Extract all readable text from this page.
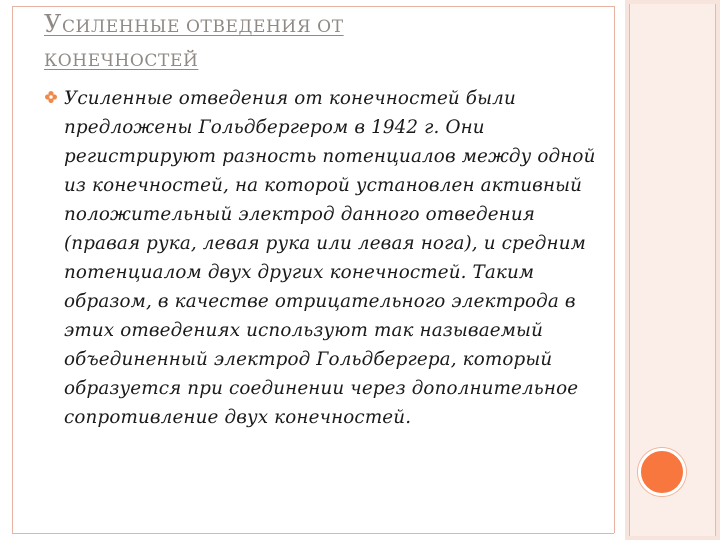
УСИЛЕННЫЕ ОТВЕДЕНИЯ ОТ КОНЕЧНОСТЕЙ
Усиленные отведения от конечностей были
предложены Гольдбергером в 1942 г. Они
регистрируют разность потенциалов между одной
из конечностей, на которой установлен активный
положительный электрод данного отведения
(правая рука, левая рука или левая нога), и средним
потенциалом двух других конечностей. Таким
образом, в качестве отрицательного электрода в
этих отведениях используют так называемый
объединенный электрод Гольдбергера, который
образуется при соединении через дополнительное
сопротивление двух конечностей.
